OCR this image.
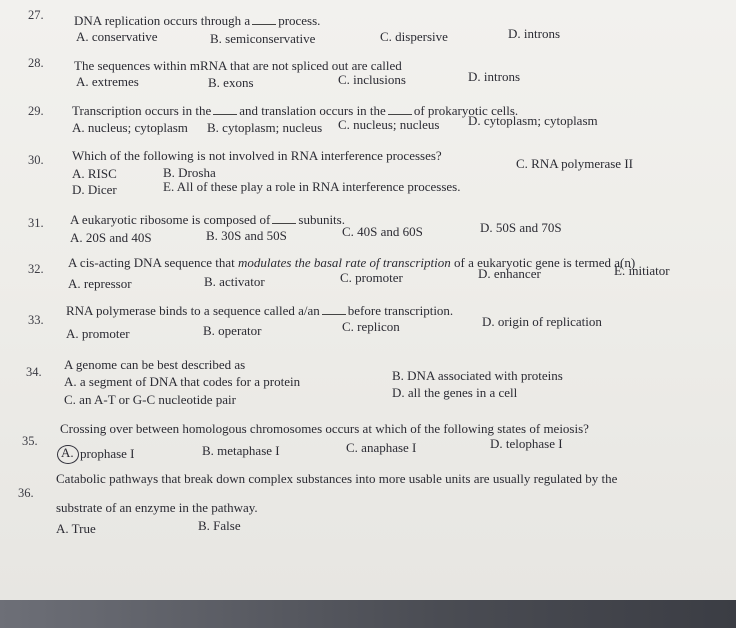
27. DNA replication occurs through a process.
A. conservative	B. semiconservative	C. dispersive	D. introns
28. The sequences within mRNA that are not spliced out are called
A. extremes	B. exons	C. inclusions	D. introns
29. Transcription occurs in the and translation occurs in the of prokaryotic cells.
A. nucleus; cytoplasm B. cytoplasm; nucleus C. nucleus; nucleus D. cytoplasm; cytoplasm
30. Which of the following is not involved in RNA interference processes?
A. RISC	B. Drosha
C. RNA polymerase II
D. Dicer	E. All of these play a role in RNA interference processes.
31. A eukaryotic ribosome is composed of subunits.
A. 20S and 40S	B. 30S and 50S	C. 40S and 60S	D. 50S and 70S
32. A cis-acting DNA sequence that modulates the basal rate of transcription of a eukaryotic gene is termed a(n)
A. repressor	B. activator	C. promoter	D. enhancer	E. initiator
33.
RNA polymerase binds to a sequence called a/an before transcription.
A. promoter	B. operator	C. replicon	D. origin of replication
34. A genome can be best described as
A. a segment of DNA that codes for a protein	B. DNA associated with proteins
C. an A-T or G-C nucleotide pair	D. all the genes in a cell
35.
Crossing over between homologous chromosomes occurs at which of the following states of meiosis?
A. prophase I	B. metaphase I	C. anaphase I	D. telophase I
36.
Catabolic pathways that break down complex substances into more usable units are usually regulated by the
substrate of an enzyme in the pathway.
A. True	B. False
